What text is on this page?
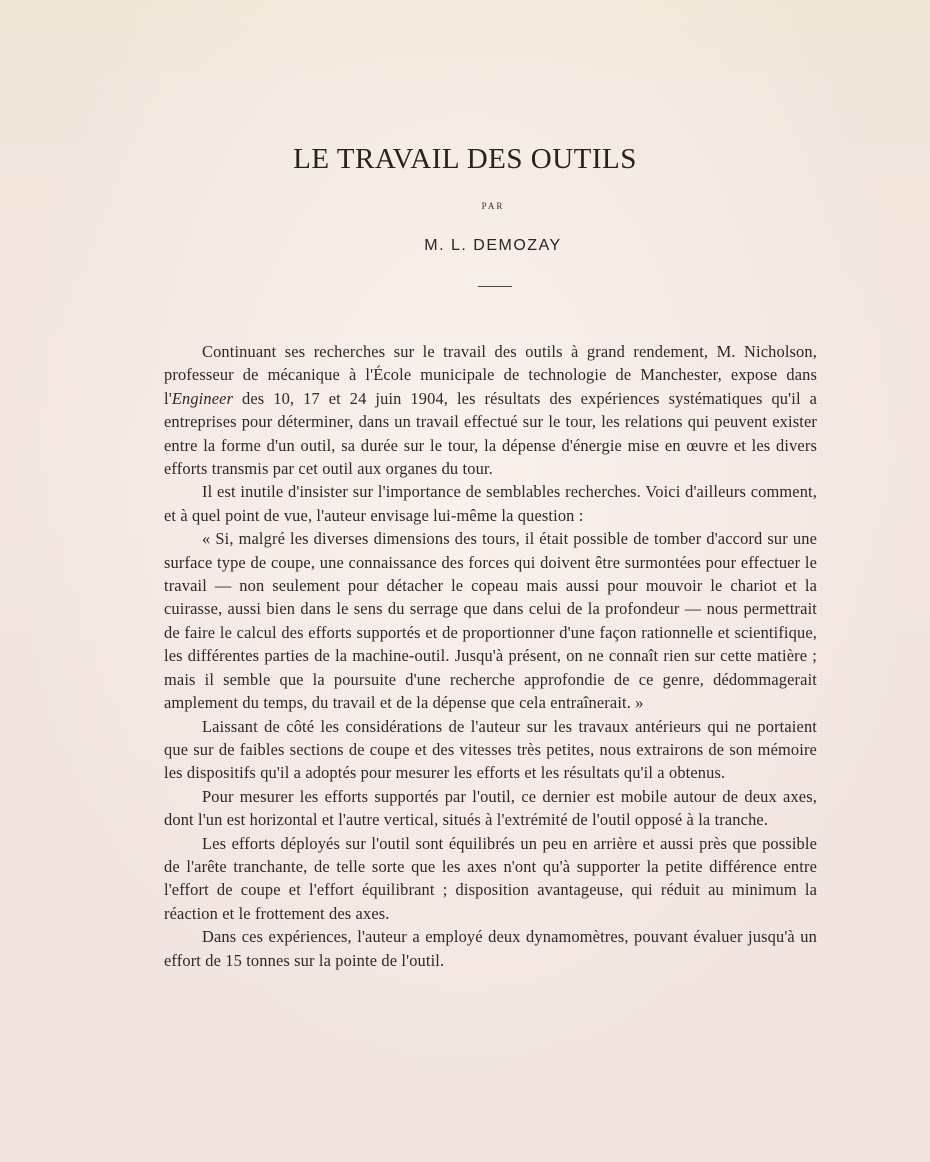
LE TRAVAIL DES OUTILS
PAR
M. L. DEMOZAY

Continuant ses recherches sur le travail des outils à grand rendement, M. Nicholson, professeur de mécanique à l'École municipale de technologie de Manchester, expose dans l'Engineer des 10, 17 et 24 juin 1904, les résultats des expériences systématiques qu'il a entreprises pour déterminer, dans un travail effectué sur le tour, les relations qui peuvent exister entre la forme d'un outil, sa durée sur le tour, la dépense d'énergie mise en œuvre et les divers efforts transmis par cet outil aux organes du tour.

Il est inutile d'insister sur l'importance de semblables recherches. Voici d'ailleurs comment, et à quel point de vue, l'auteur envisage lui-même la question :

« Si, malgré les diverses dimensions des tours, il était possible de tomber d'accord sur une surface type de coupe, une connaissance des forces qui doivent être surmontées pour effectuer le travail — non seulement pour détacher le copeau mais aussi pour mouvoir le chariot et la cuirasse, aussi bien dans le sens du serrage que dans celui de la profondeur — nous permettrait de faire le calcul des efforts supportés et de proportionner d'une façon rationnelle et scientifique, les différentes parties de la machine-outil. Jusqu'à présent, on ne connaît rien sur cette matière ; mais il semble que la poursuite d'une recherche approfondie de ce genre, dédommagerait amplement du temps, du travail et de la dépense que cela entraînerait. »

Laissant de côté les considérations de l'auteur sur les travaux antérieurs qui ne portaient que sur de faibles sections de coupe et des vitesses très petites, nous extrairons de son mémoire les dispositifs qu'il a adoptés pour mesurer les efforts et les résultats qu'il a obtenus.

Pour mesurer les efforts supportés par l'outil, ce dernier est mobile autour de deux axes, dont l'un est horizontal et l'autre vertical, situés à l'extrémité de l'outil opposé à la tranche.

Les efforts déployés sur l'outil sont équilibrés un peu en arrière et aussi près que possible de l'arête tranchante, de telle sorte que les axes n'ont qu'à supporter la petite différence entre l'effort de coupe et l'effort équilibrant ; disposition avantageuse, qui réduit au minimum la réaction et le frottement des axes.

Dans ces expériences, l'auteur a employé deux dynamomètres, pouvant évaluer jusqu'à un effort de 15 tonnes sur la pointe de l'outil.
